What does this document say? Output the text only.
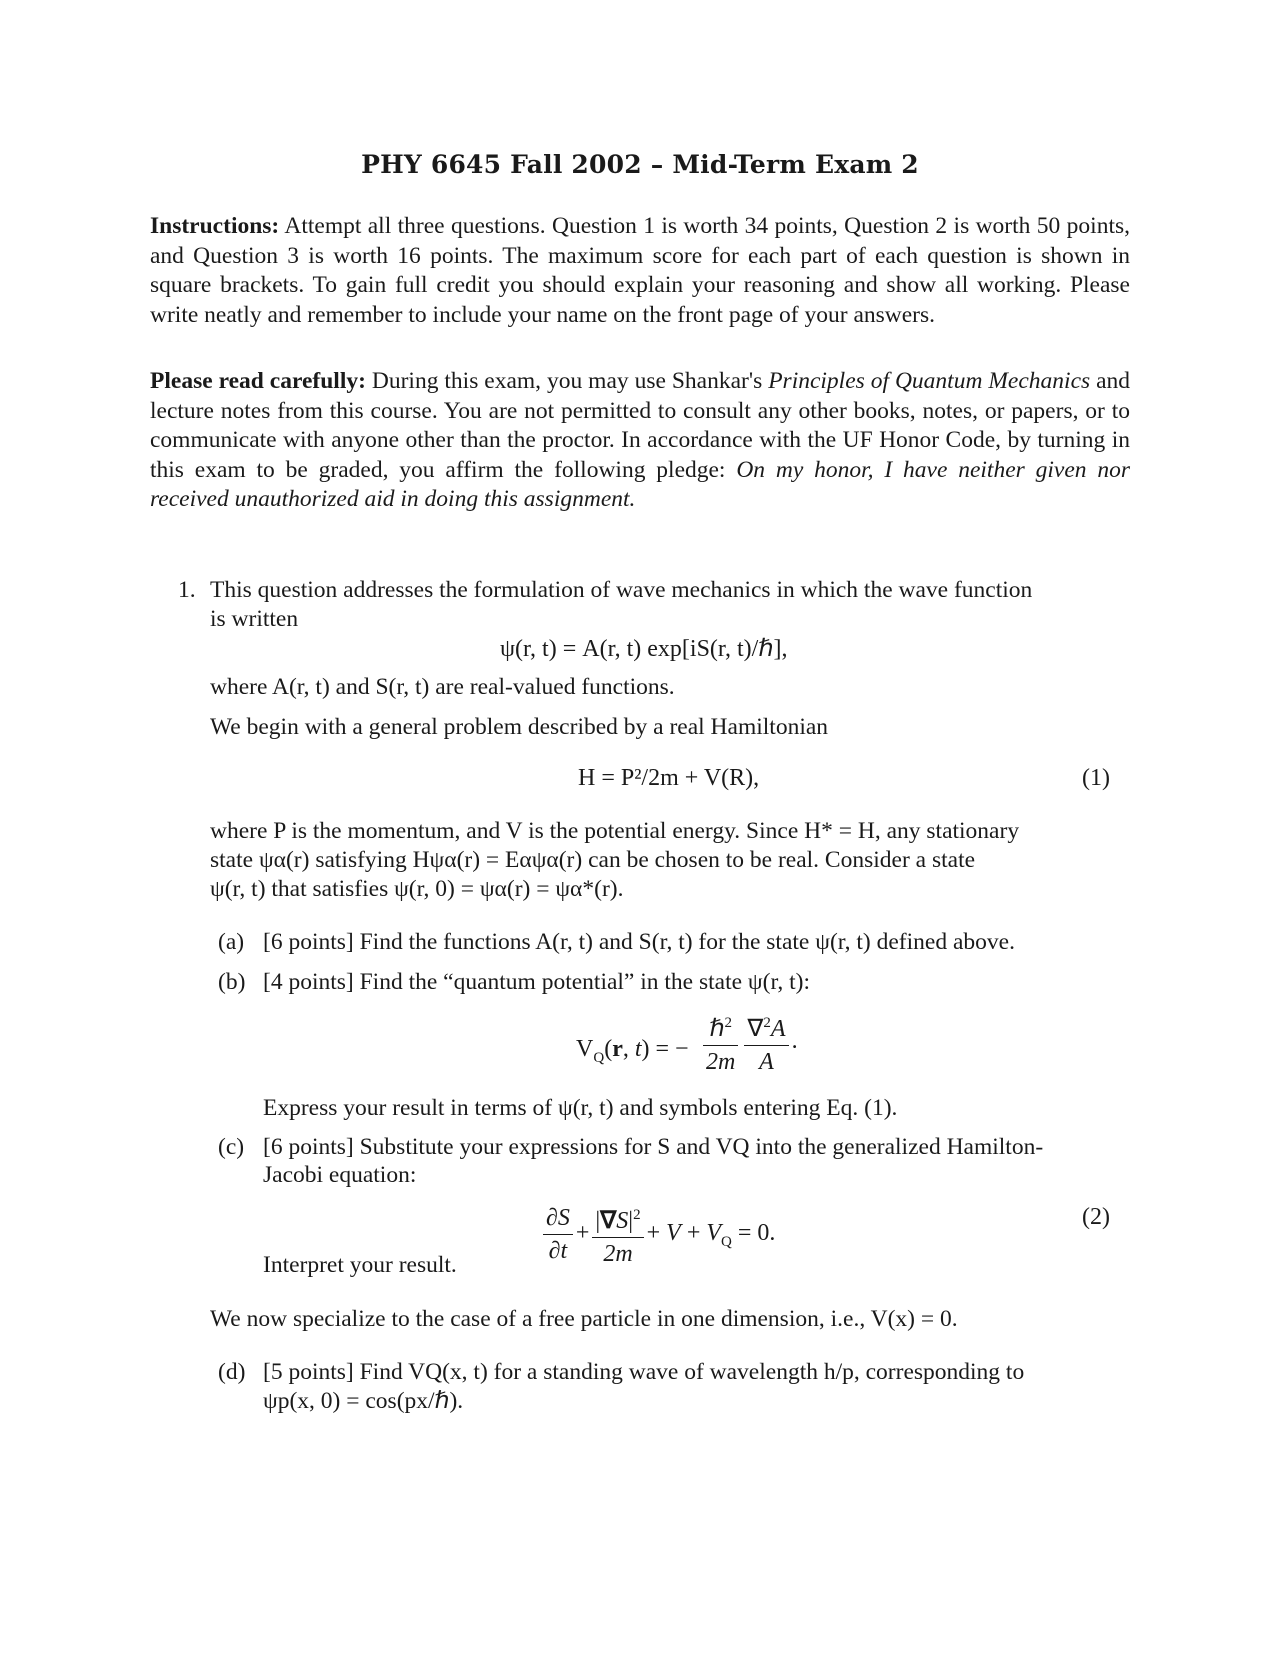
PHY 6645 Fall 2002 – Mid-Term Exam 2
Instructions: Attempt all three questions. Question 1 is worth 34 points, Question 2 is worth 50 points, and Question 3 is worth 16 points. The maximum score for each part of each question is shown in square brackets. To gain full credit you should explain your reasoning and show all working. Please write neatly and remember to include your name on the front page of your answers.
Please read carefully: During this exam, you may use Shankar's Principles of Quantum Mechanics and lecture notes from this course. You are not permitted to consult any other books, notes, or papers, or to communicate with anyone other than the proctor. In accordance with the UF Honor Code, by turning in this exam to be graded, you affirm the following pledge: On my honor, I have neither given nor received unauthorized aid in doing this assignment.
1. This question addresses the formulation of wave mechanics in which the wave function
is written
ψ(r, t) = A(r, t) exp[iS(r, t)/ℏ],
where A(r, t) and S(r, t) are real-valued functions.
We begin with a general problem described by a real Hamiltonian
H = P²/2m + V(R),	(1)
where P is the momentum, and V is the potential energy. Since H* = H, any stationary
state ψα(r) satisfying Hψα(r) = Eαψα(r) can be chosen to be real. Consider a state
ψ(r, t) that satisfies ψ(r, 0) = ψα(r) = ψα*(r).
(a) [6 points] Find the functions A(r, t) and S(r, t) for the state ψ(r, t) defined above.
(b) [4 points] Find the “quantum potential” in the state ψ(r, t):
$V_Q(r$, t) = − $\frac{\hbar^2}{2m} \frac{\nabla^2A}{A}$ .
Express your result in terms of ψ(r, t) and symbols entering Eq. (1).
(c) [6 points] Substitute your expressions for S and VQ into the generalized Hamilton-
Jacobi equation:
$\frac{\partial S}{\partial t} + \frac{|\nabla S|^2}{2m} + V + V_Q = 0$.
(2)
Interpret your result.
We now specialize to the case of a free particle in one dimension, i.e., V(x) = 0.
(d) [5 points] Find VQ(x, t) for a standing wave of wavelength h/p, corresponding to
ψp(x, 0) = cos(px/ℏ).
